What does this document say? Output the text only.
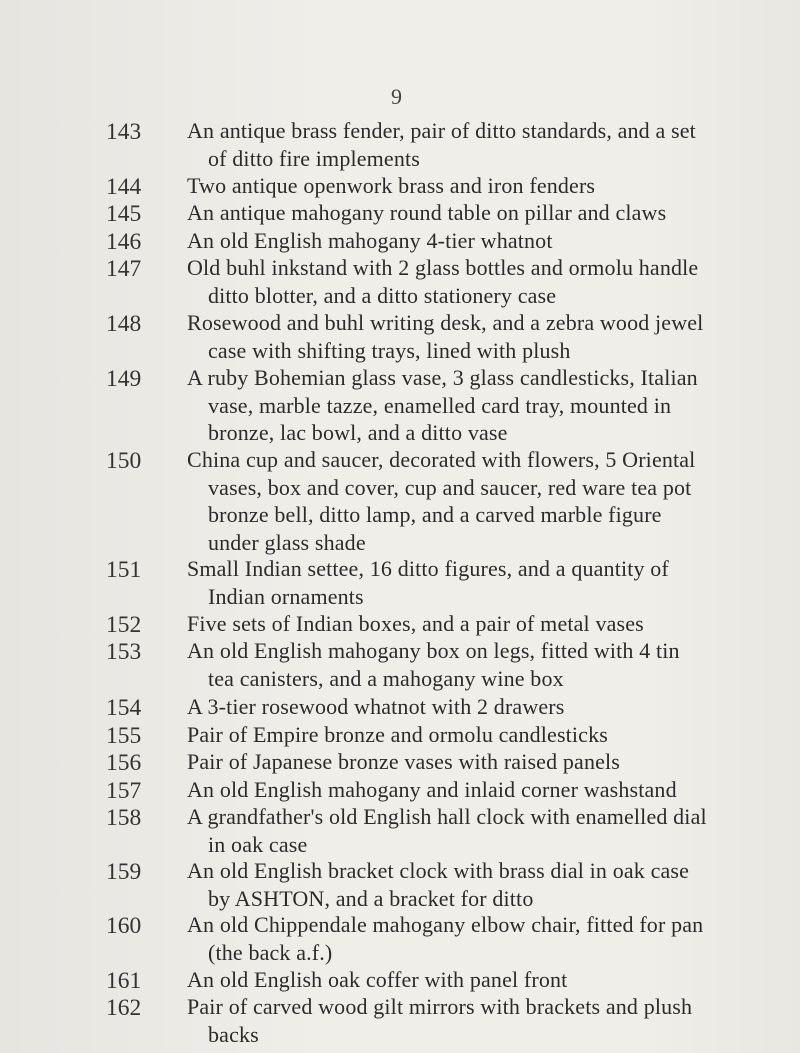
9
143	An antique brass fender, pair of ditto standards, and a set
of ditto fire implements
144	Two antique openwork brass and iron fenders
145	An antique mahogany round table on pillar and claws
146	An old English mahogany 4-tier whatnot
147	Old buhl inkstand with 2 glass bottles and ormolu handle
ditto blotter, and a ditto stationery case
148	Rosewood and buhl writing desk, and a zebra wood jewel
case with shifting trays, lined with plush
149	A ruby Bohemian glass vase, 3 glass candlesticks, Italian
vase, marble tazze, enamelled card tray, mounted in
bronze, lac bowl, and a ditto vase
150	China cup and saucer, decorated with flowers, 5 Oriental
vases, box and cover, cup and saucer, red ware tea pot
bronze bell, ditto lamp, and a carved marble figure
under glass shade
151	Small Indian settee, 16 ditto figures, and a quantity of
Indian ornaments
152	Five sets of Indian boxes, and a pair of metal vases
153	An old English mahogany box on legs, fitted with 4 tin
tea canisters, and a mahogany wine box
154	A 3-tier rosewood whatnot with 2 drawers
155	Pair of Empire bronze and ormolu candlesticks
156	Pair of Japanese bronze vases with raised panels
157	An old English mahogany and inlaid corner washstand
158	A grandfather's old English hall clock with enamelled dial
in oak case
159	An old English bracket clock with brass dial in oak case
by ASHTON, and a bracket for ditto
160	An old Chippendale mahogany elbow chair, fitted for pan
(the back a.f.)
161	An old English oak coffer with panel front
162	Pair of carved wood gilt mirrors with brackets and plush
backs
